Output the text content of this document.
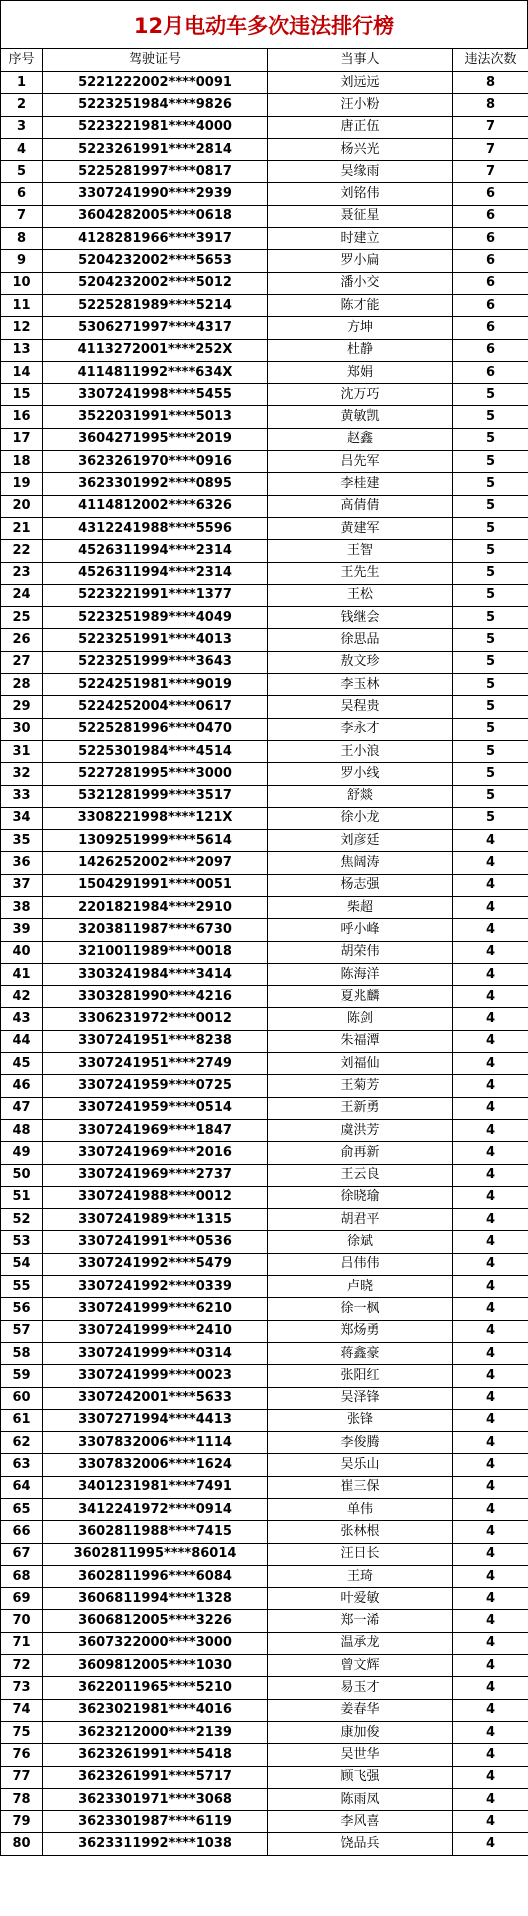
12月电动车多次违法排行榜
序号	驾驶证号	当事人	违法次数
1	5221222002****0091	刘远远	8
2	5223251984****9826	汪小粉	8
3	5223221981****4000	唐正伍	7
4	5223261991****2814	杨兴光	7
5	5225281997****0817	吴缘雨	7
6	3307241990****2939	刘铭伟	6
7	3604282005****0618	聂征星	6
8	4128281966****3917	时建立	6
9	5204232002****5653	罗小扁	6
10	5204232002****5012	潘小交	6
11	5225281989****5214	陈才能	6
12	5306271997****4317	方坤	6
13	4113272001****252X	杜静	6
14	4114811992****634X	郑娟	6
15	3307241998****5455	沈万巧	5
16	3522031991****5013	黄敏凯	5
17	3604271995****2019	赵鑫	5
18	3623261970****0916	吕先军	5
19	3623301992****0895	李桂建	5
20	4114812002****6326	高倩倩	5
21	4312241988****5596	黄建军	5
22	4526311994****2314	王智	5
23	4526311994****2314	王先生	5
24	5223221991****1377	王松	5
25	5223251989****4049	钱继会	5
26	5223251991****4013	徐思品	5
27	5223251999****3643	敖文珍	5
28	5224251981****9019	李玉林	5
29	5224252004****0617	吴程贵	5
30	5225281996****0470	李永才	5
31	5225301984****4514	王小浪	5
32	5227281995****3000	罗小线	5
33	5321281999****3517	舒燚	5
34	3308221998****121X	徐小龙	5
35	1309251999****5614	刘彦廷	4
36	1426252002****2097	焦阔涛	4
37	1504291991****0051	杨志强	4
38	2201821984****2910	柴超	4
39	3203811987****6730	呼小峰	4
40	3210011989****0018	胡荣伟	4
41	3303241984****3414	陈海洋	4
42	3303281990****4216	夏兆麟	4
43	3306231972****0012	陈剑	4
44	3307241951****8238	朱福潭	4
45	3307241951****2749	刘福仙	4
46	3307241959****0725	王菊芳	4
47	3307241959****0514	王新勇	4
48	3307241969****1847	虞洪芳	4
49	3307241969****2016	俞再新	4
50	3307241969****2737	王云良	4
51	3307241988****0012	徐晓瑜	4
52	3307241989****1315	胡君平	4
53	3307241991****0536	徐斌	4
54	3307241992****5479	吕伟伟	4
55	3307241992****0339	卢晓	4
56	3307241999****6210	徐一枫	4
57	3307241999****2410	郑炀勇	4
58	3307241999****0314	蒋鑫豪	4
59	3307241999****0023	张阳红	4
60	3307242001****5633	吴泽锋	4
61	3307271994****4413	张锋	4
62	3307832006****1114	李俊腾	4
63	3307832006****1624	吴乐山	4
64	3401231981****7491	崔三保	4
65	3412241972****0914	单伟	4
66	3602811988****7415	张林根	4
67	3602811995****86014	汪日长	4
68	3602811996****6084	王琦	4
69	3606811994****1328	叶爱敏	4
70	3606812005****3226	郑一浠	4
71	3607322000****3000	温承龙	4
72	3609812005****1030	曾文辉	4
73	3622011965****5210	易玉才	4
74	3623021981****4016	姜春华	4
75	3623212000****2139	康加俊	4
76	3623261991****5418	吴世华	4
77	3623261991****5717	顾飞强	4
78	3623301971****3068	陈雨凤	4
79	3623301987****6119	李风喜	4
80	3623311992****1038	饶品兵	4
